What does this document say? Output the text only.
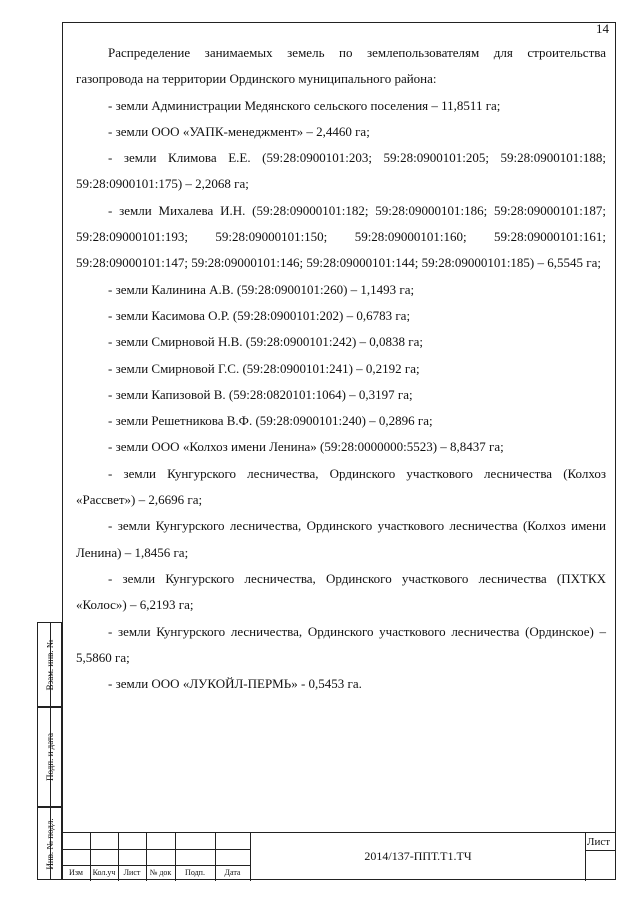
14

Распределение занимаемых земель по землепользователям для строительства газопровода на территории Ординского муниципального района:

- земли Администрации Медянского сельского поселения – 11,8511 га;

- земли ООО «УАПК-менеджмент» – 2,4460 га;

- земли Климова Е.Е. (59:28:0900101:203; 59:28:0900101:205; 59:28:0900101:188; 59:28:0900101:175) – 2,2068 га;

- земли Михалева И.Н. (59:28:09000101:182; 59:28:09000101:186; 59:28:09000101:187; 59:28:09000101:193; 59:28:09000101:150; 59:28:09000101:160; 59:28:09000101:161; 59:28:09000101:147; 59:28:09000101:146; 59:28:09000101:144; 59:28:09000101:185) – 6,5545 га;

- земли Калинина А.В. (59:28:0900101:260) – 1,1493 га;

- земли Касимова О.Р. (59:28:0900101:202) – 0,6783 га;

- земли Смирновой Н.В. (59:28:0900101:242) – 0,0838 га;

- земли Смирновой Г.С. (59:28:0900101:241) – 0,2192 га;

- земли Капизовой В. (59:28:0820101:1064) – 0,3197 га;

- земли Решетникова В.Ф. (59:28:0900101:240) – 0,2896 га;

- земли ООО «Колхоз имени Ленина» (59:28:0000000:5523) – 8,8437 га;

- земли Кунгурского лесничества, Ординского участкового лесничества (Колхоз «Рассвет») – 2,6696 га;

- земли Кунгурского лесничества, Ординского участкового лесничества (Колхоз имени Ленина) – 1,8456 га;

- земли Кунгурского лесничества, Ординского участкового лесничества (ПХТКХ «Колос») – 6,2193 га;

- земли Кунгурского лесничества, Ординского участкового лесничества (Ординское) – 5,5860 га;

- земли ООО «ЛУКОЙЛ-ПЕРМЬ» - 0,5453 га.

Взам. инв. №
Подп. и дата
Инв. № подл.
Изм	Кол.уч	Лист	№ док	Подп.	Дата
2014/137-ППТ.Т1.ТЧ
Лист
